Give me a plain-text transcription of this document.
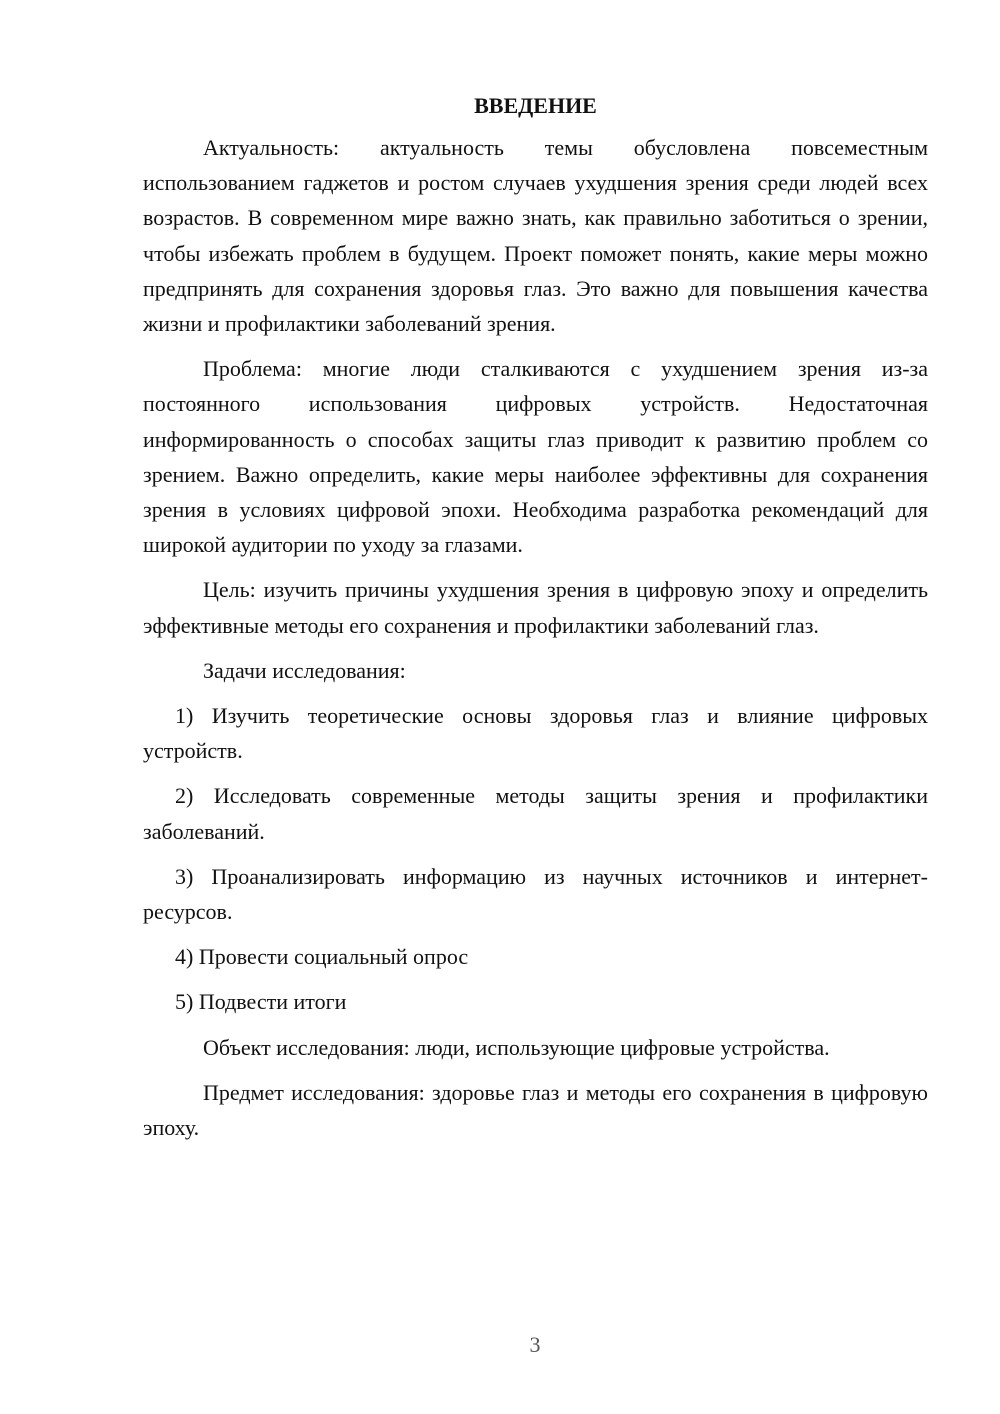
ВВЕДЕНИЕ

Актуальность: актуальность темы обусловлена повсеместным использованием гаджетов и ростом случаев ухудшения зрения среди людей всех возрастов. В современном мире важно знать, как правильно заботиться о зрении, чтобы избежать проблем в будущем. Проект поможет понять, какие меры можно предпринять для сохранения здоровья глаз. Это важно для повышения качества жизни и профилактики заболеваний зрения.

Проблема: многие люди сталкиваются с ухудшением зрения из-за постоянного использования цифровых устройств. Недостаточная информированность о способах защиты глаз приводит к развитию проблем со зрением. Важно определить, какие меры наиболее эффективны для сохранения зрения в условиях цифровой эпохи. Необходима разработка рекомендаций для широкой аудитории по уходу за глазами.

Цель: изучить причины ухудшения зрения в цифровую эпоху и определить эффективные методы его сохранения и профилактики заболеваний глаз.

Задачи исследования:

1) Изучить теоретические основы здоровья глаз и влияние цифровых устройств.

2) Исследовать современные методы защиты зрения и профилактики заболеваний.

3) Проанализировать информацию из научных источников и интернет-ресурсов.

4) Провести социальный опрос

5) Подвести итоги

Объект исследования: люди, использующие цифровые устройства.

Предмет исследования: здоровье глаз и методы его сохранения в цифровую эпоху.

3
